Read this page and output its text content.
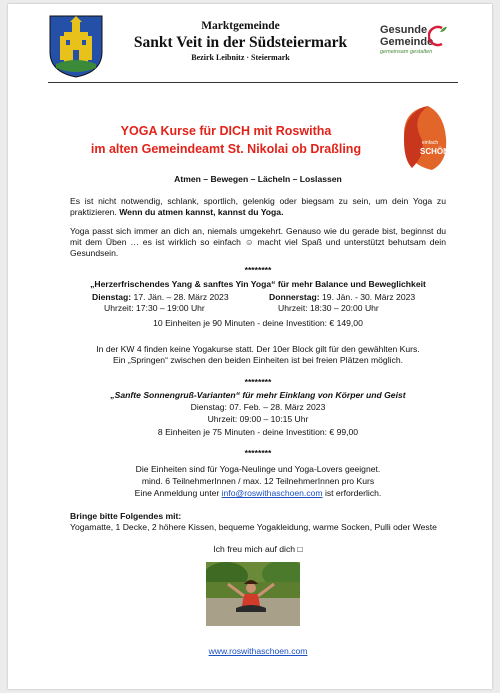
Marktgemeinde
Sankt Veit in der Südsteiermark
Bezirk Leibnitz · Steiermark
Gesunde
Gemeinde
gemeinsam gestalten
YOGA Kurse für DICH mit Roswitha
im alten Gemeindeamt St. Nikolai ob Draßling	einfach
SCHÖN
Atmen – Bewegen – Lächeln – Loslassen
Es ist nicht notwendig, schlank, sportlich, gelenkig oder biegsam zu sein, um dein Yoga zu praktizieren. Wenn du atmen kannst, kannst du Yoga.
Yoga passt sich immer an dich an, niemals umgekehrt. Genauso wie du gerade bist, beginnst du mit dem Üben … es ist wirklich so einfach ☺ macht viel Spaß und unterstützt behutsam dein Gesundsein.
********
„Herzerfrischendes Yang & sanftes Yin Yoga“ für mehr Balance und Beweglichkeit
Dienstag: 17. Jän. – 28. März 2023	Donnerstag: 19. Jän. - 30. März 2023
Uhrzeit: 17:30 – 19:00 Uhr	Uhrzeit: 18:30 – 20:00 Uhr
10 Einheiten je 90 Minuten - deine Investition: € 149,00
In der KW 4 finden keine Yogakurse statt. Der 10er Block gilt für den gewählten Kurs.
Ein „Springen“ zwischen den beiden Einheiten ist bei freien Plätzen möglich.
********
„Sanfte Sonnengruß-Varianten“ für mehr Einklang von Körper und Geist
Dienstag: 07. Feb. – 28. März 2023
Uhrzeit: 09:00 – 10:15 Uhr
8 Einheiten je 75 Minuten - deine Investition: € 99,00
********
Die Einheiten sind für Yoga-Neulinge und Yoga-Lovers geeignet.
mind. 6 TeilnehmerInnen / max. 12 TeilnehmerInnen pro Kurs
Eine Anmeldung unter info@roswithaschoen.com ist erforderlich.
Bringe bitte Folgendes mit:
Yogamatte, 1 Decke, 2 höhere Kissen, bequeme Yogakleidung, warme Socken, Pulli oder Weste
Ich freu mich auf dich □
www.roswithaschoen.com
